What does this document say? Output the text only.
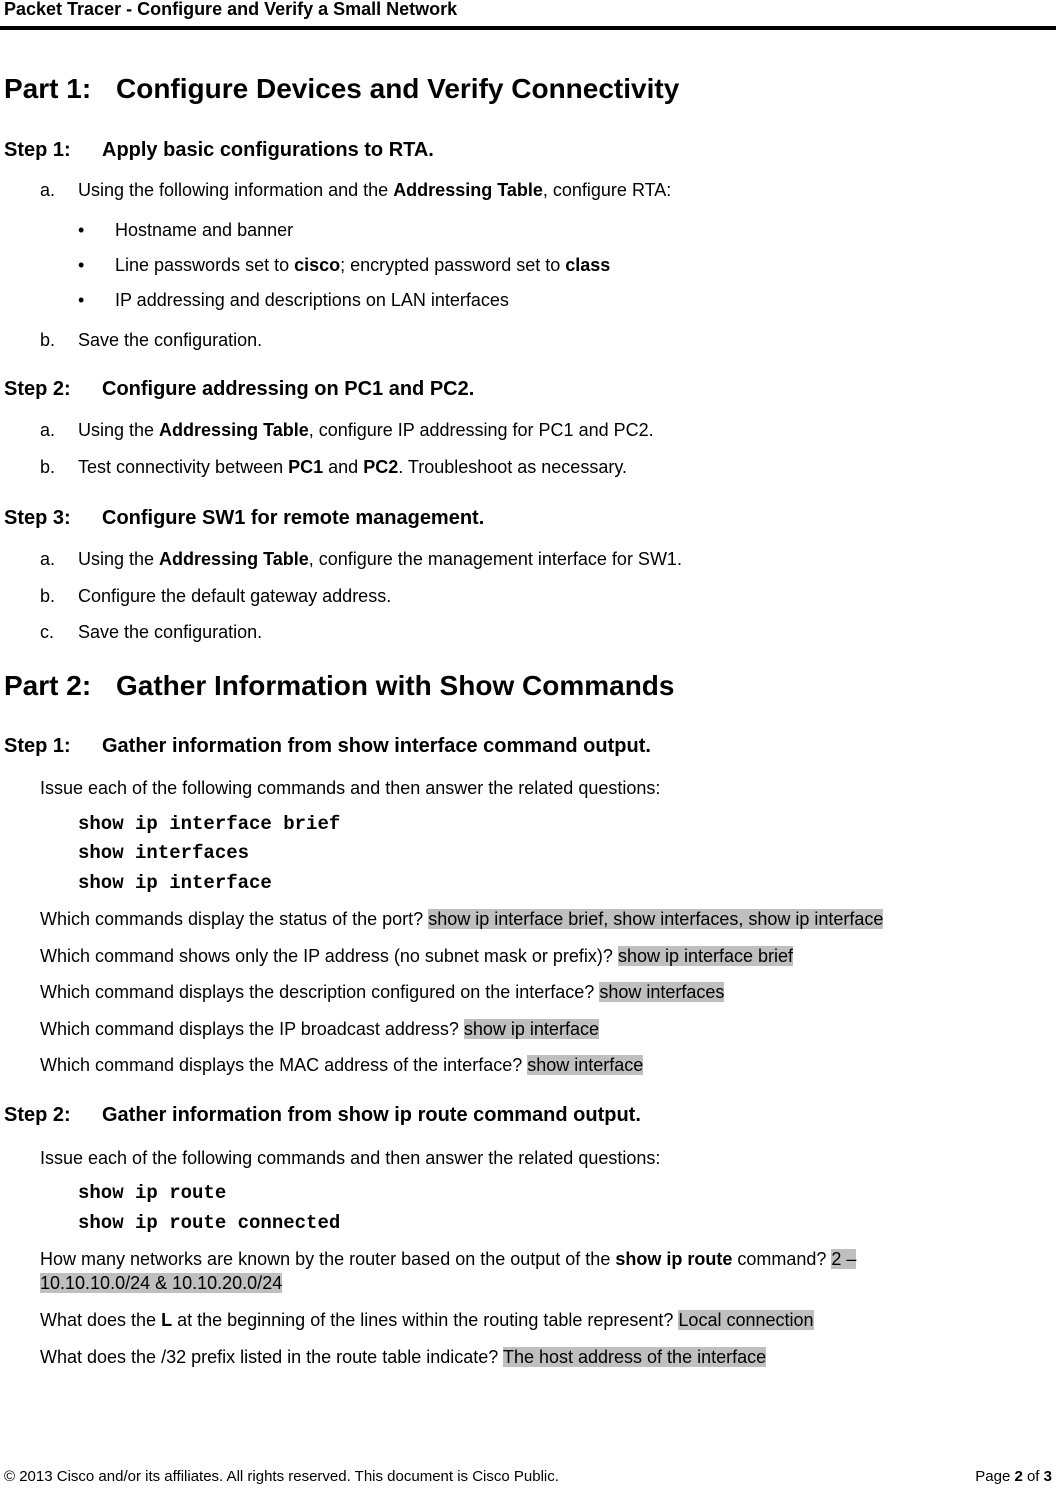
Packet Tracer - Configure and Verify a Small Network
Part 1: Configure Devices and Verify Connectivity
Step 1: Apply basic configurations to RTA.
a. Using the following information and the Addressing Table, configure RTA:
• Hostname and banner
• Line passwords set to cisco; encrypted password set to class
• IP addressing and descriptions on LAN interfaces
b. Save the configuration.
Step 2: Configure addressing on PC1 and PC2.
a. Using the Addressing Table, configure IP addressing for PC1 and PC2.
b. Test connectivity between PC1 and PC2. Troubleshoot as necessary.
Step 3: Configure SW1 for remote management.
a. Using the Addressing Table, configure the management interface for SW1.
b. Configure the default gateway address.
c. Save the configuration.
Part 2: Gather Information with Show Commands
Step 1: Gather information from show interface command output.
Issue each of the following commands and then answer the related questions:
show ip interface brief
show interfaces
show ip interface
Which commands display the status of the port? show ip interface brief, show interfaces, show ip interface
Which command shows only the IP address (no subnet mask or prefix)? show ip interface brief
Which command displays the description configured on the interface? show interfaces
Which command displays the IP broadcast address? show ip interface
Which command displays the MAC address of the interface? show interface
Step 2: Gather information from show ip route command output.
Issue each of the following commands and then answer the related questions:
show ip route
show ip route connected
How many networks are known by the router based on the output of the show ip route command? 2 –
10.10.10.0/24 & 10.10.20.0/24
What does the L at the beginning of the lines within the routing table represent? Local connection
What does the /32 prefix listed in the route table indicate? The host address of the interface
© 2013 Cisco and/or its affiliates. All rights reserved. This document is Cisco Public.	Page 2 of 3
